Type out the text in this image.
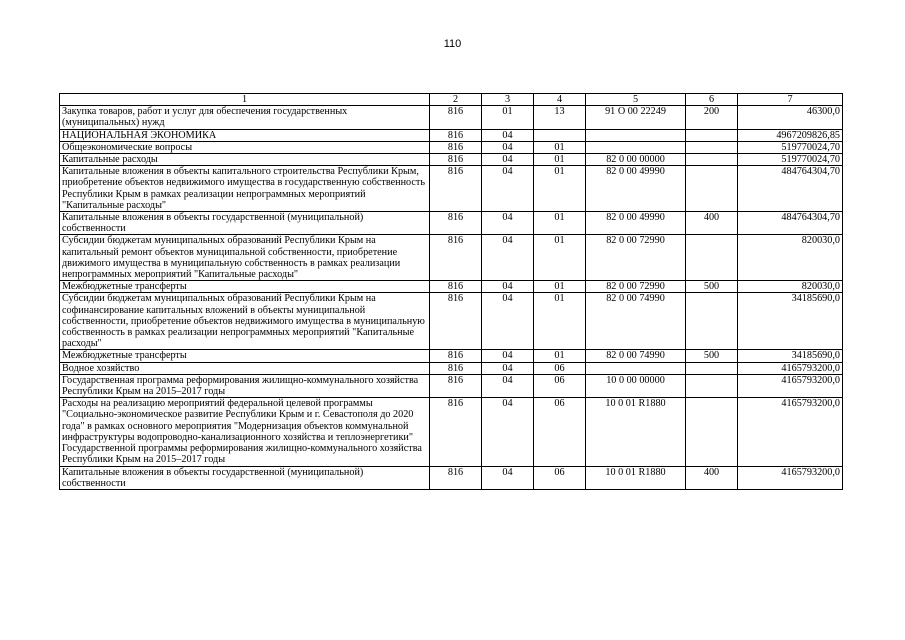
110
1	2	3	4	5	6	7
Закупка товаров, работ и услуг для обеспечения государственных (муниципальных) нужд	816	01	13	91 О 00 22249	200	46300,0
НАЦИОНАЛЬНАЯ ЭКОНОМИКА	816	04				4967209826,85
Общеэкономические вопросы	816	04	01			519770024,70
Капитальные расходы	816	04	01	82 0 00 00000		519770024,70
Капитальные вложения в объекты капитального строительства Республики Крым, приобретение объектов недвижимого имущества в государственную собственность Республики Крым в рамках реализации непрограммных мероприятий "Капитальные расходы"	816	04	01	82 0 00 49990		484764304,70
Капитальные вложения в объекты государственной (муниципальной) собственности	816	04	01	82 0 00 49990	400	484764304,70
Субсидии бюджетам муниципальных образований Республики Крым на капитальный ремонт объектов муниципальной собственности, приобретение движимого имущества в муниципальную собственность в рамках реализации непрограммных мероприятий "Капитальные расходы"	816	04	01	82 0 00 72990		820030,0
Межбюджетные трансферты	816	04	01	82 0 00 72990	500	820030,0
Субсидии бюджетам муниципальных образований Республики Крым на софинансирование капитальных вложений в объекты муниципальной собственности, приобретение объектов недвижимого имущества в муниципальную собственность в рамках реализации непрограммных мероприятий "Капитальные расходы"	816	04	01	82 0 00 74990		34185690,0
Межбюджетные трансферты	816	04	01	82 0 00 74990	500	34185690,0
Водное хозяйство	816	04	06			4165793200,0
Государственная программа реформирования жилищно-коммунального хозяйства Республики Крым на 2015–2017 годы	816	04	06	10 0 00 00000		4165793200,0
Расходы на реализацию мероприятий федеральной целевой программы "Социально-экономическое развитие Республики Крым и г. Севастополя до 2020 года" в рамках основного мероприятия "Модернизация объектов коммунальной инфраструктуры водопроводно-канализационного хозяйства и теплоэнергетики" Государственной программы реформирования жилищно-коммунального хозяйства Республики Крым на 2015–2017 годы	816	04	06	10 0 01 R1880		4165793200,0
Капитальные вложения в объекты государственной (муниципальной) собственности	816	04	06	10 0 01 R1880	400	4165793200,0
